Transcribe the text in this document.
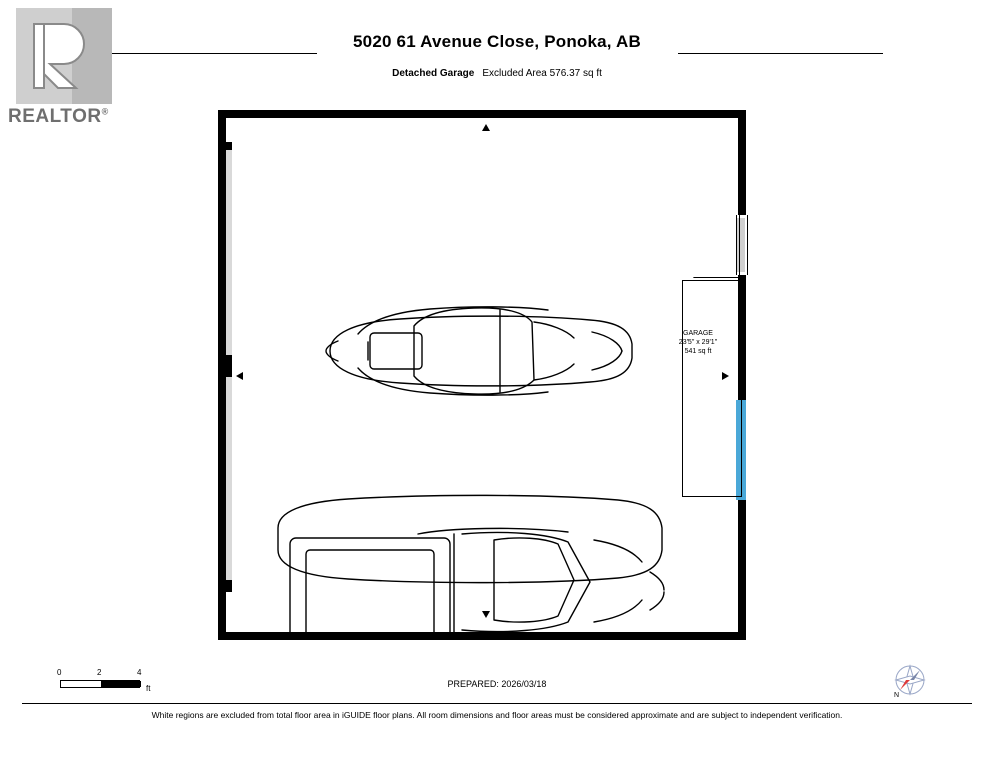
REALTOR®
5020 61 Avenue Close, Ponoka, AB
Detached Garage Excluded Area 576.37 sq ft
GARAGE
23'5" x 29'1"
541 sq ft
0	2	4
ft	PREPARED: 2026/03/18
N
White regions are excluded from total floor area in iGUIDE floor plans. All room dimensions and floor areas must be considered approximate and are subject to independent verification.
